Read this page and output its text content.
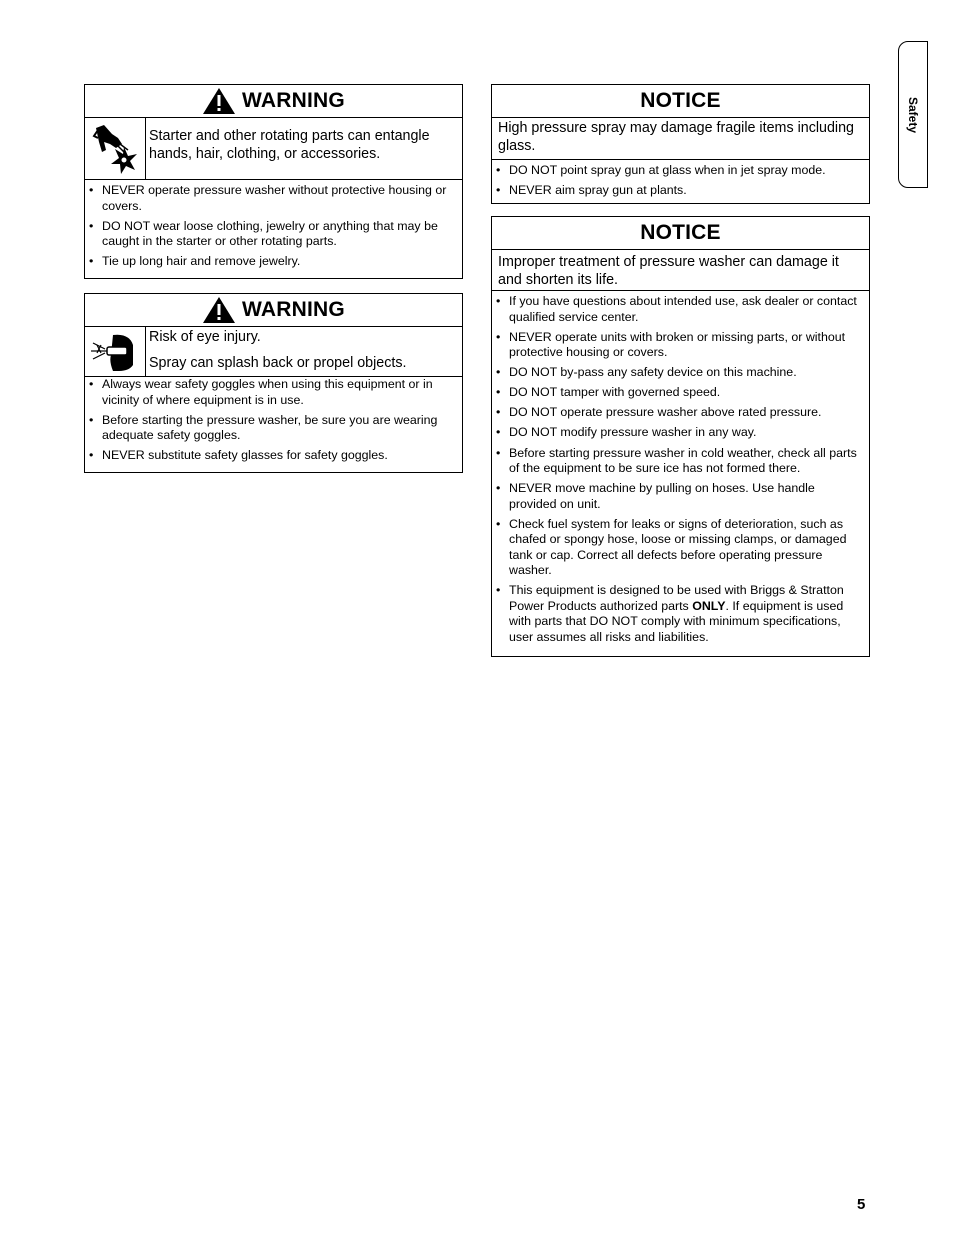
Safety
WARNING

Starter and other rotating parts can entangle hands, hair, clothing, or accessories.

• NEVER operate pressure washer without protective housing or covers.
• DO NOT wear loose clothing, jewelry or anything that may be caught in the starter or other rotating parts.
• Tie up long hair and remove jewelry.
WARNING

Risk of eye injury.

Spray can splash back or propel objects.

• Always wear safety goggles when using this equipment or in vicinity of where equipment is in use.
• Before starting the pressure washer, be sure you are wearing adequate safety goggles.
• NEVER substitute safety glasses for safety goggles.
NOTICE
High pressure spray may damage fragile items including glass.
• DO NOT point spray gun at glass when in jet spray mode.
• NEVER aim spray gun at plants.
NOTICE
Improper treatment of pressure washer can damage it and shorten its life.
• If you have questions about intended use, ask dealer or contact qualified service center.
• NEVER operate units with broken or missing parts, or without protective housing or covers.
• DO NOT by-pass any safety device on this machine.
• DO NOT tamper with governed speed.
• DO NOT operate pressure washer above rated pressure.
• DO NOT modify pressure washer in any way.
• Before starting pressure washer in cold weather, check all parts of the equipment to be sure ice has not formed there.
• NEVER move machine by pulling on hoses. Use handle provided on unit.
• Check fuel system for leaks or signs of deterioration, such as chafed or spongy hose, loose or missing clamps, or damaged tank or cap. Correct all defects before operating pressure washer.
• This equipment is designed to be used with Briggs & Stratton Power Products authorized parts ONLY. If equipment is used with parts that DO NOT comply with minimum specifications, user assumes all risks and liabilities.
5
